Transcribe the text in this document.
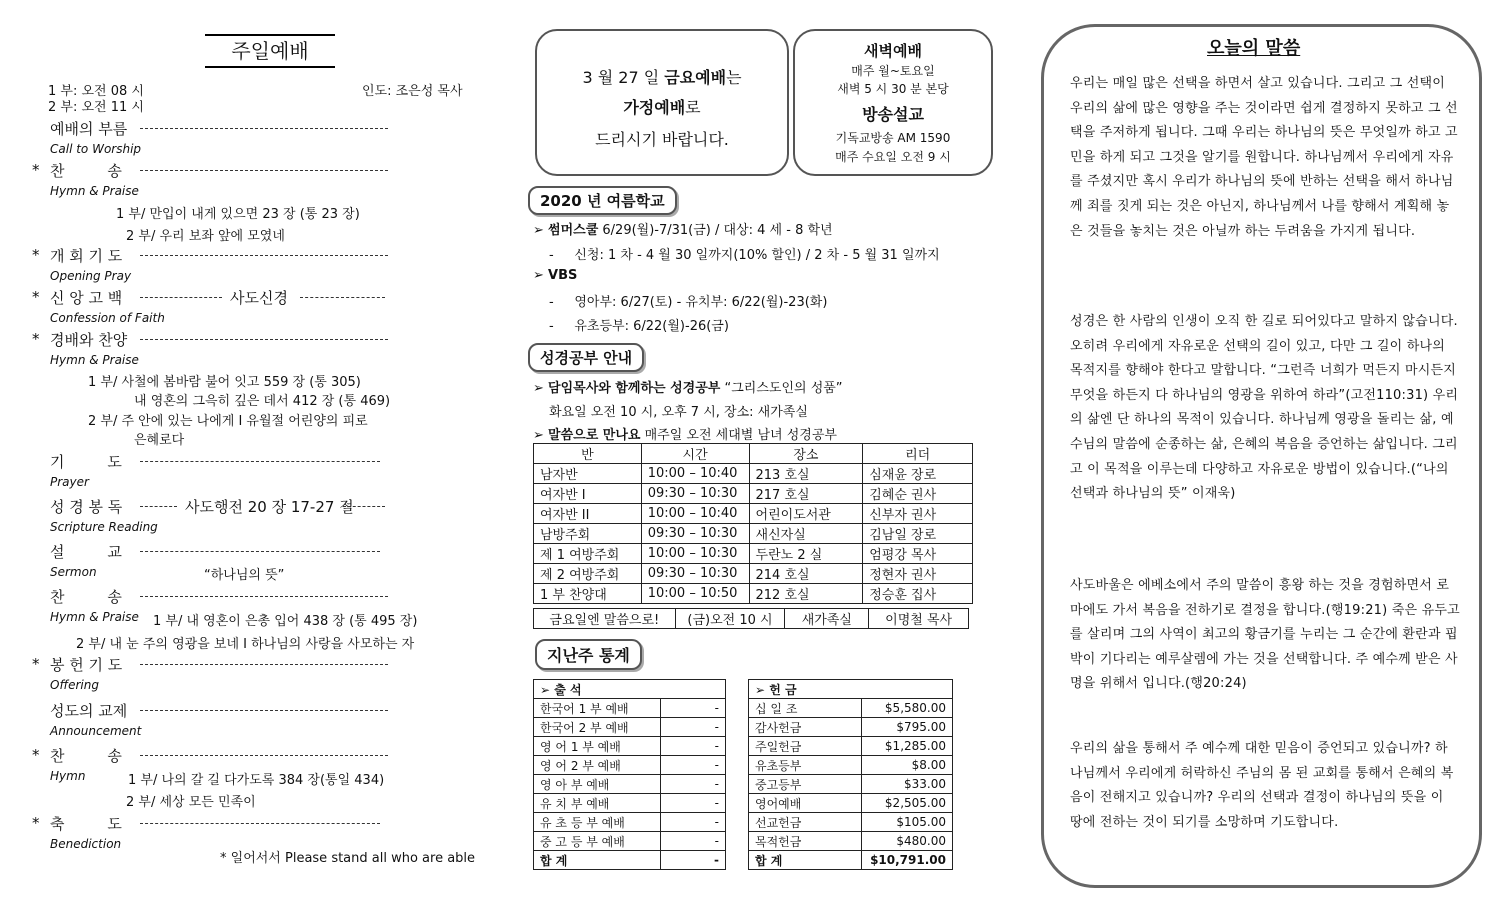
주일예배
1 부: 오전 08 시
2 부: 오전 11 시
인도: 조은성 목사
예배의 부름
Call to Worship
* 찬         송
Hymn & Praise
* 개 회 기 도
Opening Pray
* 신 앙 고 백
Confession of Faith
사도신경
* 경배와 찬양
Hymn & Praise
기         도
Prayer
성 경 봉 독
Scripture Reading
사도행전 20 장 17-27 절
설         교
Sermon
찬         송
Hymn & Praise
* 봉 헌 기 도
Offering
성도의 교제
Announcement
* 찬         송
Hymn
* 축         도
Benediction
1 부/ 만입이 내게 있으면 23 장 (통 23 장)
2 부/ 우리 보좌 앞에 모였네
1 부/ 사철에 봄바람 불어 잇고 559 장 (통 305)
내 영혼의 그윽히 깊은 데서 412 장 (통 469)
2 부/ 주 안에 있는 나에게 I 유월절 어린양의 피로
은혜로다
“하나님의 뜻”
1 부/ 내 영혼이 은총 입어 438 장 (통 495 장)
2 부/ 내 눈 주의 영광을 보네 I 하나님의 사랑을 사모하는 자
1 부/ 나의 갈 길 다가도록 384 장(통일 434)
2 부/ 세상 모든 민족이
* 일어서서 Please stand all who are able
3 월 27 일 금요예배는
가정예배로
드리시기 바랍니다.
새벽예배
매주 월~토요일
새벽 5 시 30 분 본당
방송설교
기독교방송 AM 1590
매주 수요일 오전 9 시
2020 년 여름학교
➢ 썸머스쿨 6/29(월)-7/31(금) / 대상: 4 세 - 8 학년
-     신청: 1 차 - 4 월 30 일까지(10% 할인) / 2 차 - 5 월 31 일까지
➢ VBS
-     영아부: 6/27(토) - 유치부: 6/22(월)-23(화)
-     유초등부: 6/22(월)-26(금)
성경공부 안내
➢ 담임목사와 함께하는 성경공부 “그리스도인의 성품”
화요일 오전 10 시, 오후 7 시, 장소: 새가족실
➢ 말씀으로 만나요 매주일 오전 세대별 남녀 성경공부
반	시간	장소	리더
남자반	10:00 – 10:40	213 호실	심재윤 장로
여자반 I	09:30 – 10:30	217 호실	김혜순 권사
여자반 II	10:00 – 10:40	어린이도서관	신부자 권사
남방주회	09:30 – 10:30	새신자실	김남일 장로
제 1 여방주회	10:00 – 10:30	두란노 2 실	엄평강 목사
제 2 여방주회	09:30 – 10:30	214 호실	정현자 권사
1 부 찬양대	10:00 – 10:50	212 호실	정승훈 집사
금요일엔 말씀으로!	(금)오전 10 시	새가족실	이명철 목사
지난주 통계
➢ 출 석	
한국어 1 부 예배	-
한국어 2 부 예배	-
영 어 1 부 예배	-
영 어 2 부 예배	-
영 아 부 예배	-
유 치 부 예배	-
유 초 등 부 예배	-
중 고 등 부 예배	-
합 계	-
➢ 헌 금	
십 일 조	$5,580.00
감사헌금	$795.00
주일헌금	$1,285.00
유초등부	$8.00
중고등부	$33.00
영어예배	$2,505.00
선교헌금	$105.00
목적헌금	$480.00
합 계	$10,791.00
오늘의 말씀
우리는 매일 많은 선택을 하면서 살고 있습니다. 그리고 그 선택이 우리의 삶에 많은 영향을 주는 것이라면 쉽게 결정하지 못하고 그 선택을 주저하게 됩니다. 그때 우리는 하나님의 뜻은 무엇일까 하고 고민을 하게 되고 그것을 알기를 원합니다. 하나님께서 우리에게 자유를 주셨지만 혹시 우리가 하나님의 뜻에 반하는 선택을 해서 하나님께 죄를 짓게 되는 것은 아닌지, 하나님께서 나를 향해서 계획해 놓은 것들을 놓치는 것은 아닐까 하는 두려움을 가지게 됩니다.
성경은 한 사람의 인생이 오직 한 길로 되어있다고 말하지 않습니다. 오히려 우리에게 자유로운 선택의 길이 있고, 다만 그 길이 하나의 목적지를 향해야 한다고 말합니다. “그런즉 너희가 먹든지 마시든지 무엇을 하든지 다 하나님의 영광을 위하여 하라”(고전110:31) 우리의 삶엔 단 하나의 목적이 있습니다. 하나님께 영광을 돌리는 삶, 예수님의 말씀에 순종하는 삶, 은혜의 복음을 증언하는 삶입니다. 그리고 이 목적을 이루는데 다양하고 자유로운 방법이 있습니다.(“나의 선택과 하나님의 뜻” 이재욱)
사도바울은 에베소에서 주의 말씀이 흥왕 하는 것을 경험하면서 로마에도 가서 복음을 전하기로 결정을 합니다.(행19:21) 죽은 유두고를 살리며 그의 사역이 최고의 황금기를 누리는 그 순간에 환란과 핍박이 기다리는 예루살렘에 가는 것을 선택합니다. 주 예수께 받은 사명을 위해서 입니다.(행20:24)
우리의 삶을 통해서 주 예수께 대한 믿음이 증언되고 있습니까? 하나님께서 우리에게 허락하신 주님의 몸 된 교회를 통해서 은혜의 복음이 전해지고 있습니까? 우리의 선택과 결정이 하나님의 뜻을 이 땅에 전하는 것이 되기를 소망하며 기도합니다.
